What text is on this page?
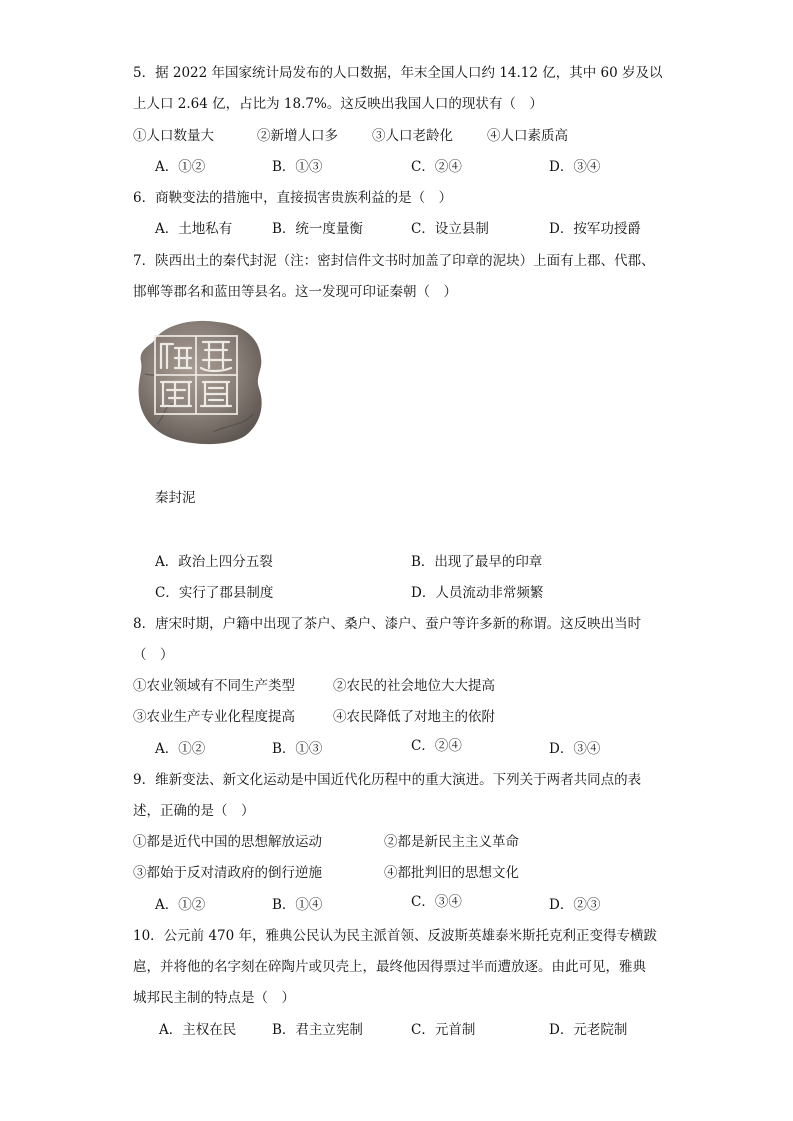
5．据 2022 年国家统计局发布的人口数据，年末全国人口约 14.12 亿，其中 60 岁及以
上人口 2.64 亿，占比为 18.7%。这反映出我国人口的现状有（　）
①人口数量大	②新增人口多	③人口老龄化	④人口素质高
A．①②	B．①③	C．②④	D．③④
6．商鞅变法的措施中，直接损害贵族利益的是（　）
A．土地私有	B．统一度量衡	C．设立县制	D．按军功授爵
7．陕西出土的秦代封泥（注：密封信件文书时加盖了印章的泥块）上面有上郡、代郡、
邯郸等郡名和蓝田等县名。这一发现可印证秦朝（　）
秦封泥
A．政治上四分五裂	B．出现了最早的印章
C．实行了郡县制度	D．人员流动非常频繁
8．唐宋时期，户籍中出现了茶户、桑户、漆户、蚕户等许多新的称谓。这反映出当时
（　）
①农业领域有不同生产类型	②农民的社会地位大大提高
③农业生产专业化程度提高	④农民降低了对地主的依附
A．①②	B．①③	C．②④	D．③④
9．维新变法、新文化运动是中国近代化历程中的重大演进。下列关于两者共同点的表
述，正确的是（　）
①都是近代中国的思想解放运动	②都是新民主主义革命
③都始于反对清政府的倒行逆施	④都批判旧的思想文化
A．①②	B．①④	C．③④	D．②③
10．公元前 470 年，雅典公民认为民主派首领、反波斯英雄泰米斯托克利正变得专横跋
扈，并将他的名字刻在碎陶片或贝壳上，最终他因得票过半而遭放逐。由此可见，雅典
城邦民主制的特点是（　）
A．主权在民	B．君主立宪制	C．元首制	D．元老院制
